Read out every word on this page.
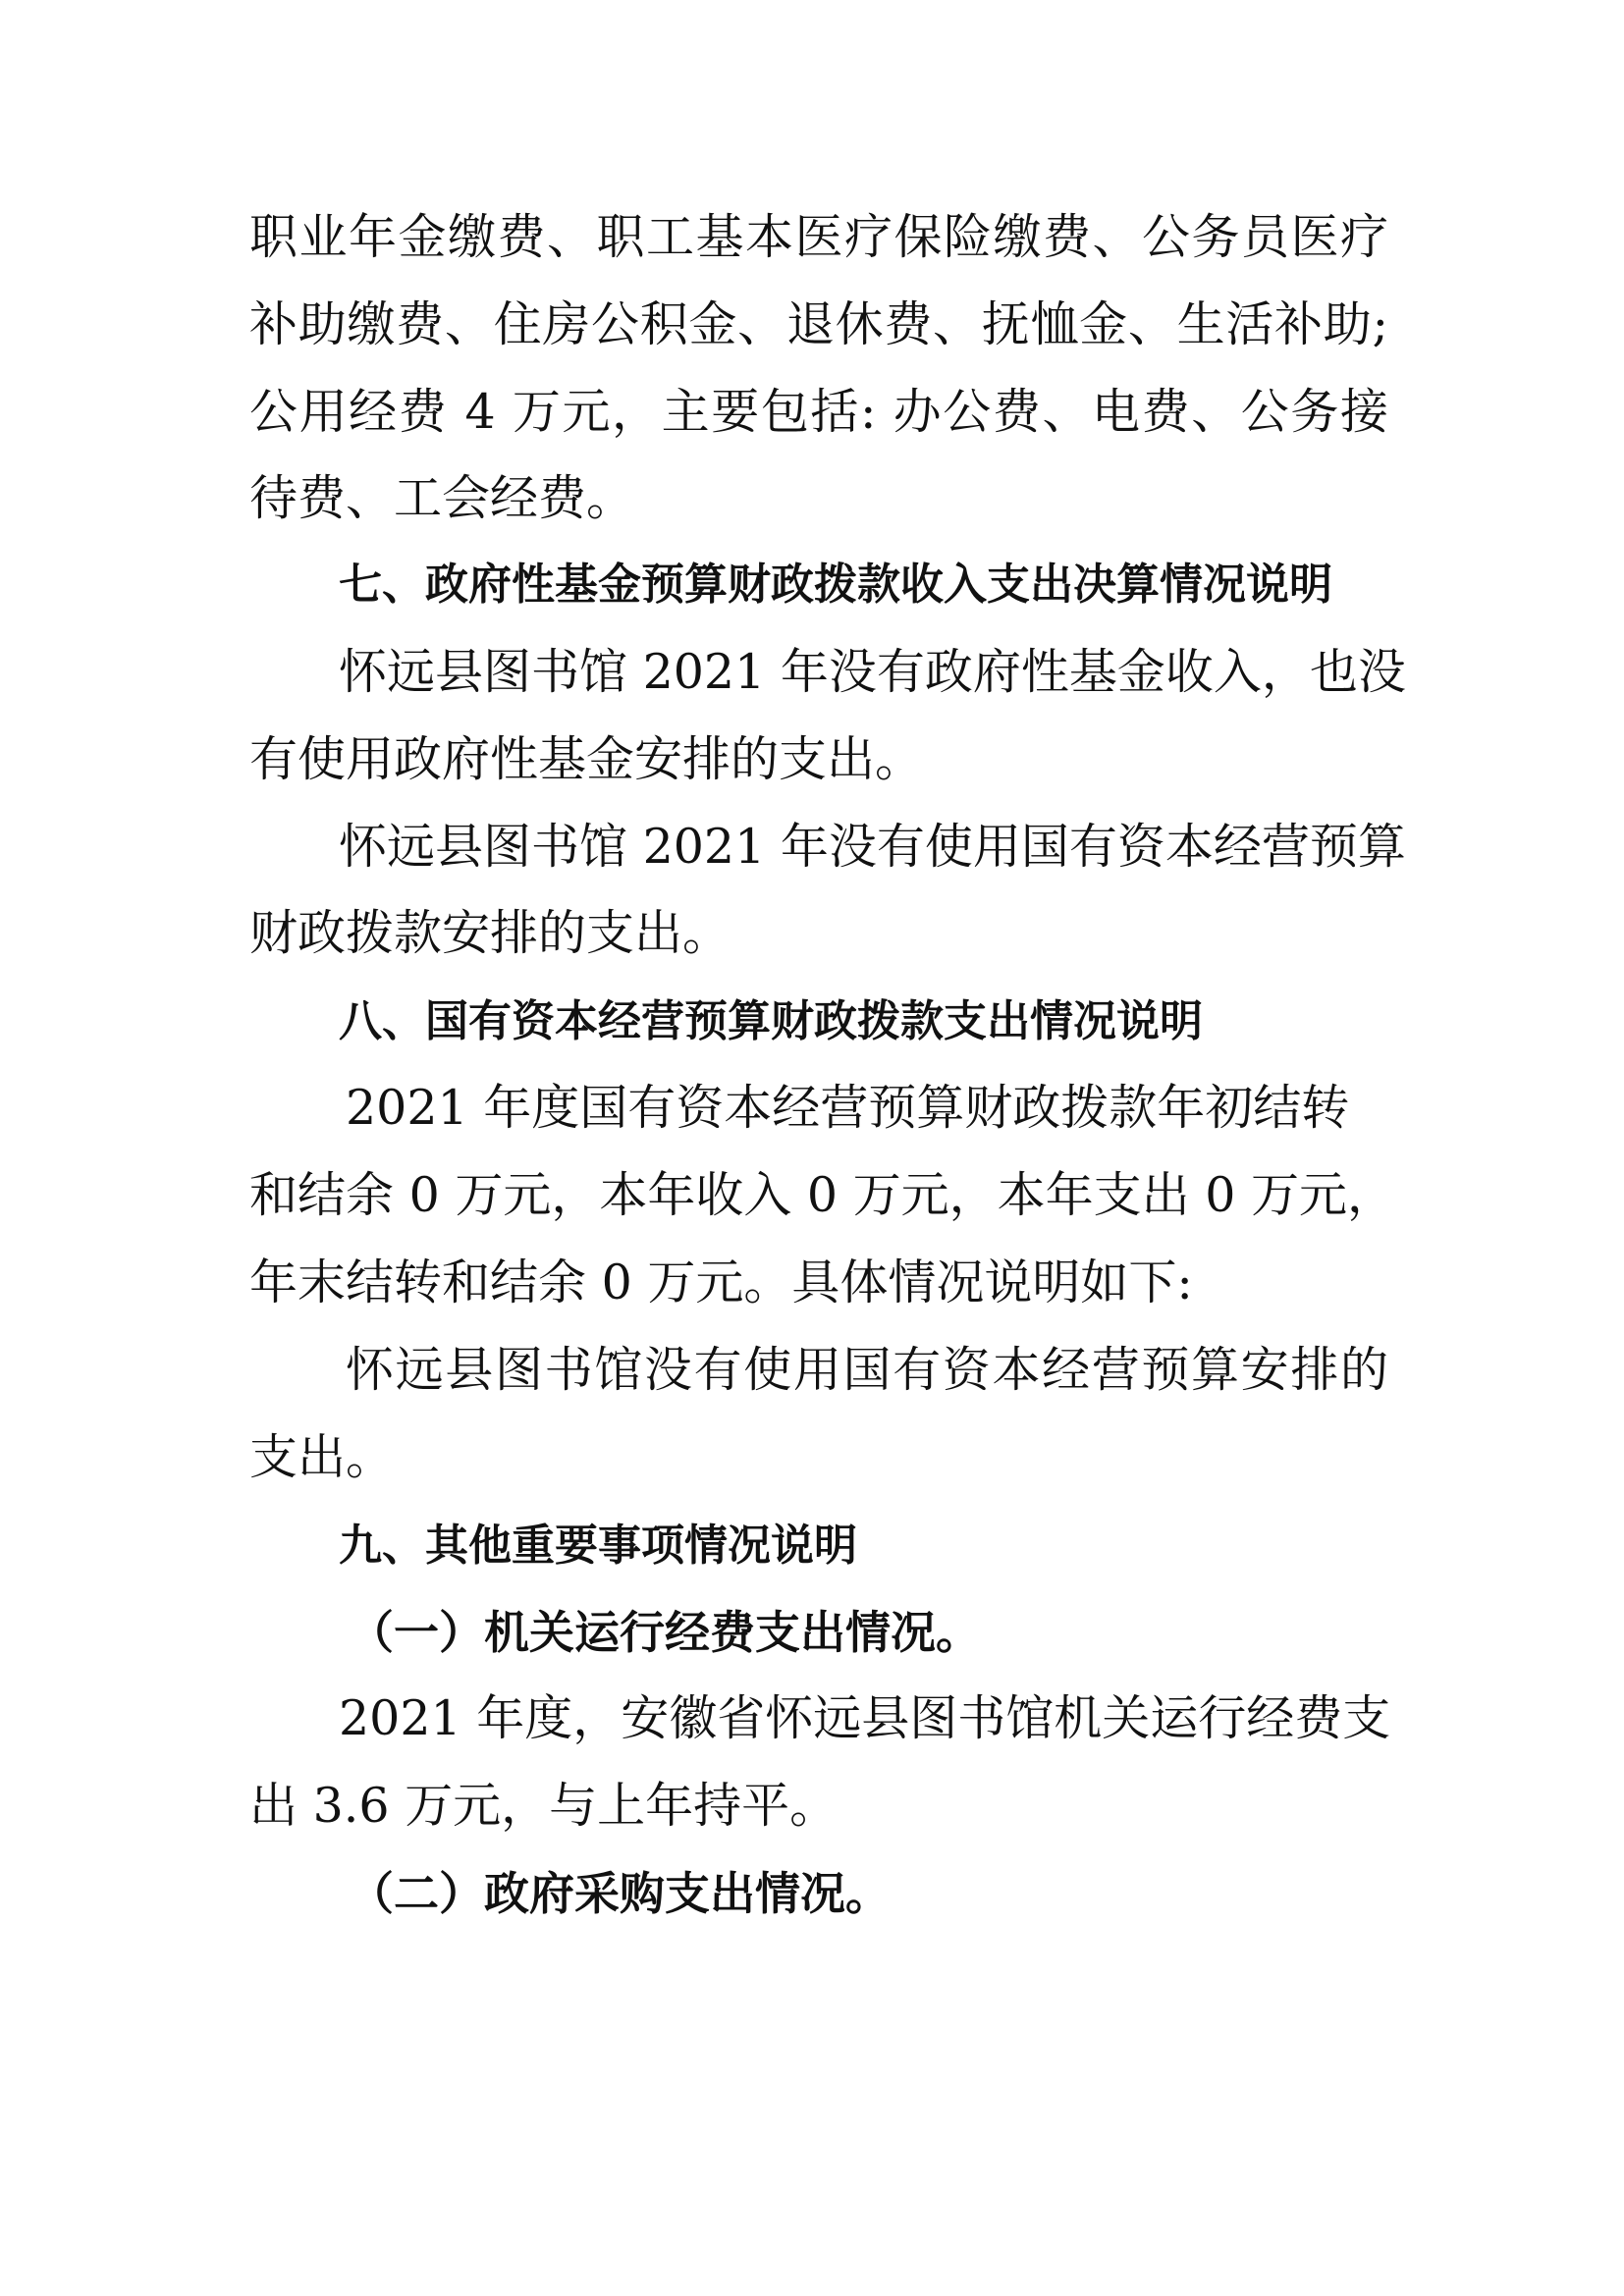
职业年金缴费、职工基本医疗保险缴费、公务员医疗
补助缴费、住房公积金、退休费、抚恤金、生活补助;
公用经费 4 万元，主要包括: 办公费、电费、公务接
待费、工会经费。
七、政府性基金预算财政拨款收入支出决算情况说明
怀远县图书馆 2021 年没有政府性基金收入，也没
有使用政府性基金安排的支出。
怀远县图书馆 2021 年没有使用国有资本经营预算
财政拨款安排的支出。
八、国有资本经营预算财政拨款支出情况说明
2021 年度国有资本经营预算财政拨款年初结转
和结余 0 万元，本年收入 0 万元，本年支出 0 万元，
年末结转和结余 0 万元。具体情况说明如下:
怀远县图书馆没有使用国有资本经营预算安排的
支出。
九、其他重要事项情况说明
（一）机关运行经费支出情况。
2021 年度，安徽省怀远县图书馆机关运行经费支
出 3.6 万元，与上年持平。
（二）政府采购支出情况。
